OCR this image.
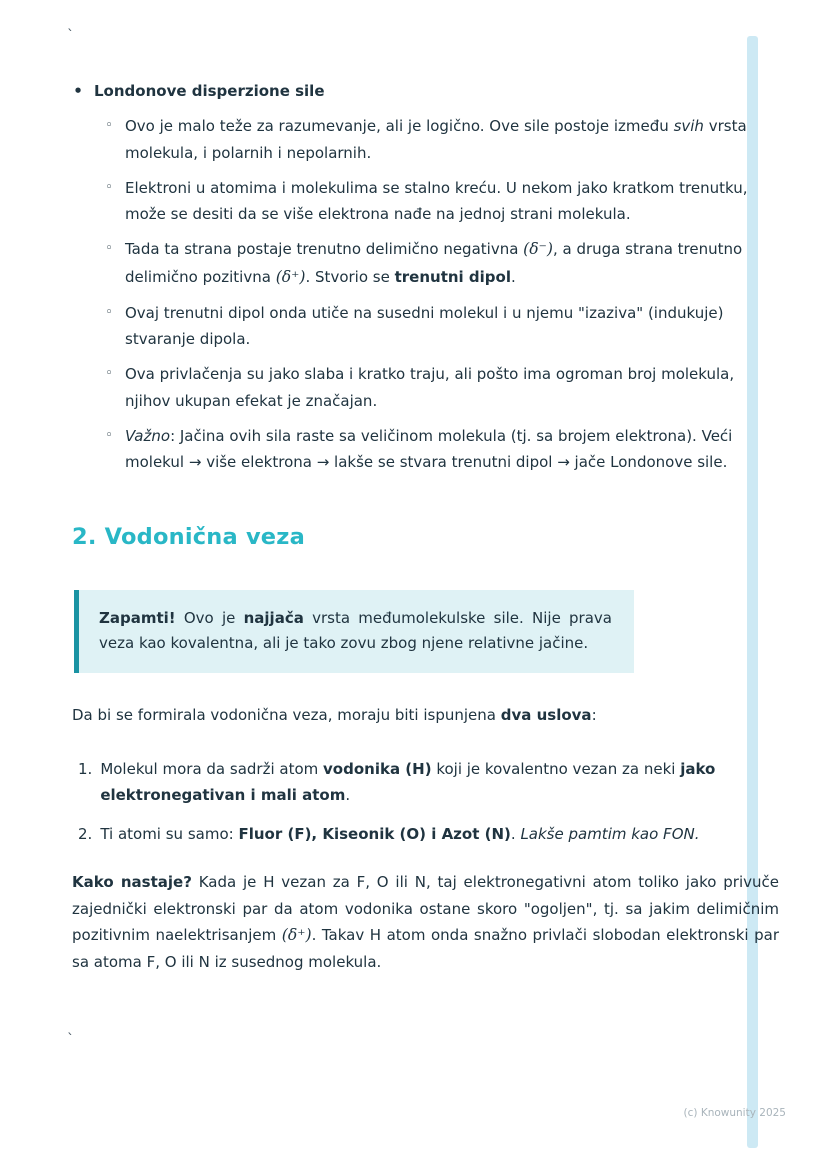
`
•
Londonove disperzione sile
◦
Ovo je malo teže za razumevanje, ali je logično. Ove sile postoje između svih vrsta molekula, i polarnih i nepolarnih.
◦
Elektroni u atomima i molekulima se stalno kreću. U nekom jako kratkom trenutku, može se desiti da se više elektrona nađe na jednoj strani molekula.
◦
Tada ta strana postaje trenutno delimično negativna (δ⁻), a druga strana trenutno delimično pozitivna (δ⁺). Stvorio se trenutni dipol.
◦
Ovaj trenutni dipol onda utiče na susedni molekul i u njemu "izaziva" (indukuje) stvaranje dipola.
◦
Ova privlačenja su jako slaba i kratko traju, ali pošto ima ogroman broj molekula, njihov ukupan efekat je značajan.
◦
Važno: Jačina ovih sila raste sa veličinom molekula (tj. sa brojem elektrona). Veći molekul → više elektrona → lakše se stvara trenutni dipol → jače Londonove sile.
2. Vodonična veza

Zapamti! Ovo je najjača vrsta međumolekulske sile. Nije prava veza kao kovalentna, ali je tako zovu zbog njene relativne jačine.

Da bi se formirala vodonična veza, moraju biti ispunjena dva uslova:

1. Molekul mora da sadrži atom vodonika (H) koji je kovalentno vezan za neki jako elektronegativan i mali atom.
2. Ti atomi su samo: Fluor (F), Kiseonik (O) i Azot (N). Lakše pamtim kao FON.

Kako nastaje? Kada je H vezan za F, O ili N, taj elektronegativni atom toliko jako privuče zajednički elektronski par da atom vodonika ostane skoro "ogoljen", tj. sa jakim delimičnim pozitivnim naelektrisanjem (δ⁺). Takav H atom onda snažno privlači slobodan elektronski par sa atoma F, O ili N iz susednog molekula.

`
(c) Knowunity 2025
